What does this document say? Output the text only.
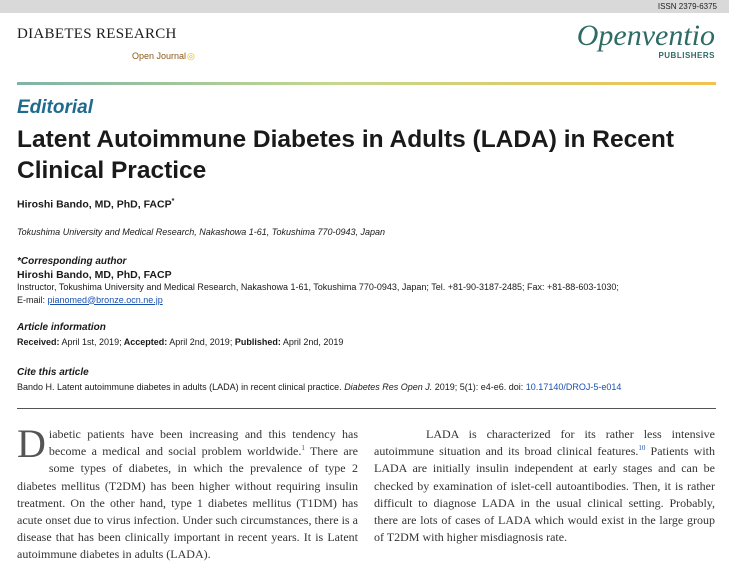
ISSN 2379-6375
DIABETES RESEARCH
Open Journal◎
Openventio
PUBLISHERS
Editorial
Latent Autoimmune Diabetes in Adults (LADA) in Recent Clinical Practice
Hiroshi Bando, MD, PhD, FACP*
Tokushima University and Medical Research, Nakashowa 1-61, Tokushima 770-0943, Japan
*Corresponding author
Hiroshi Bando, MD, PhD, FACP
Instructor, Tokushima University and Medical Research, Nakashowa 1-61, Tokushima 770-0943, Japan; Tel. +81-90-3187-2485; Fax: +81-88-603-1030;
E-mail: pianomed@bronze.ocn.ne.jp
Article information
Received: April 1st, 2019; Accepted: April 2nd, 2019; Published: April 2nd, 2019
Cite this article
Bando H. Latent autoimmune diabetes in adults (LADA) in recent clinical practice. Diabetes Res Open J. 2019; 5(1): e4-e6. doi: 10.17140/DROJ-5-e014

Diabetic patients have been increasing and this tendency has become a medical and social problem worldwide.$^1$ There are some types of diabetes, in which the prevalence of type 2 diabetes mellitus (T2DM) has been higher without requiring insulin treatment. On the other hand, type 1 diabetes mellitus (T1DM) has acute onset due to virus infection. Under such circumstances, there is a disease that has been clinically important in recent years. It is Latent autoimmune diabetes in adults (LADA).

LADA is characterized for its rather less intensive autoimmune situation and its broad clinical features.$^{10}$ Patients with LADA are initially insulin independent at early stages and can be checked by examination of islet-cell autoantibodies. Then, it is rather difficult to diagnose LADA in the usual clinical setting. Probably, there are lots of cases of LADA which would exist in the large group of T2DM with higher misdiagnosis rate.
